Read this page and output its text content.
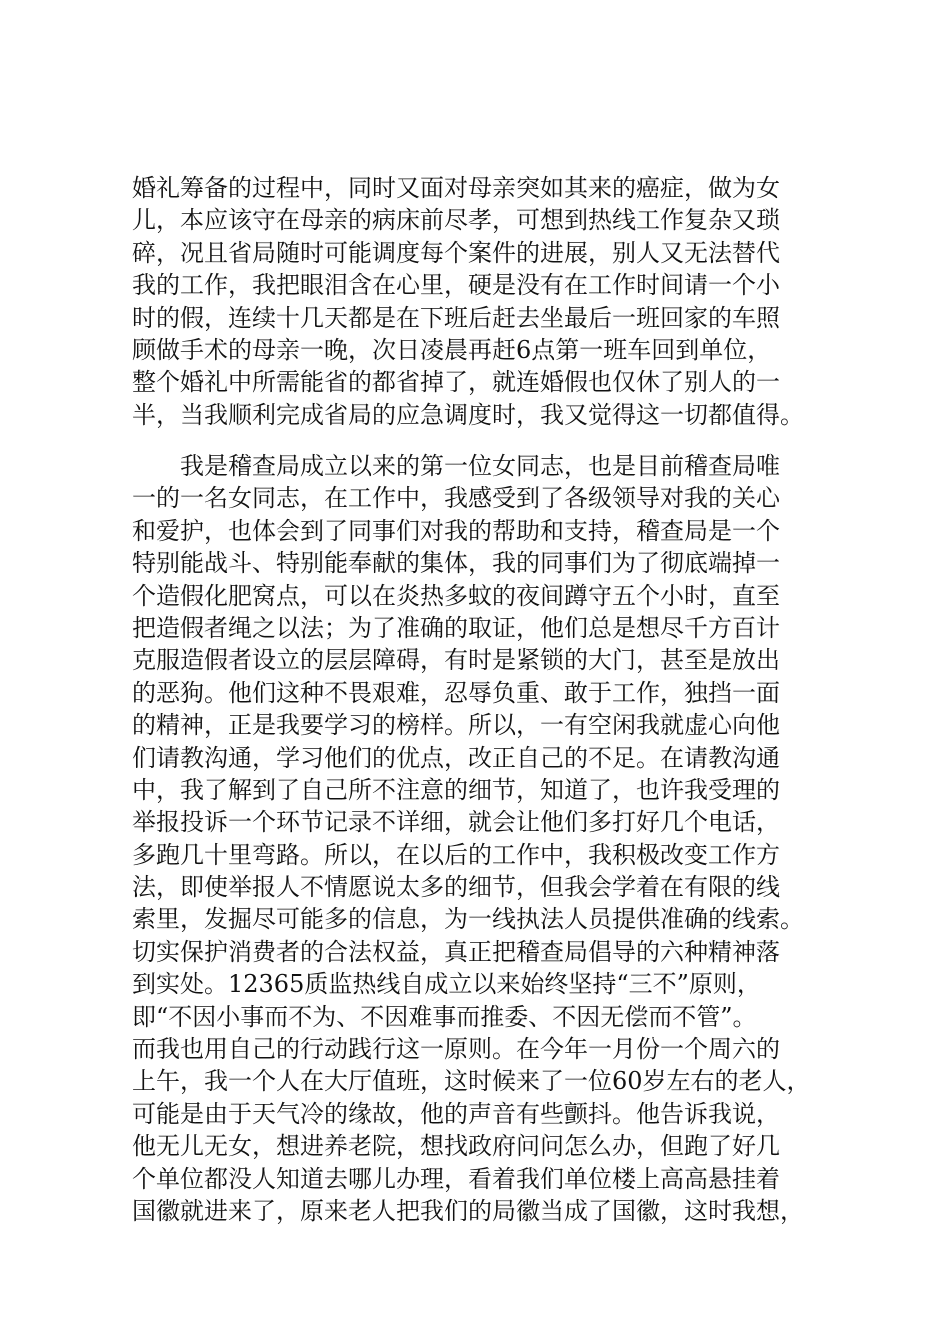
婚礼筹备的过程中，同时又面对母亲突如其来的癌症，做为女
儿，本应该守在母亲的病床前尽孝，可想到热线工作复杂又琐
碎，况且省局随时可能调度每个案件的进展，别人又无法替代
我的工作，我把眼泪含在心里，硬是没有在工作时间请一个小
时的假，连续十几天都是在下班后赶去坐最后一班回家的车照
顾做手术的母亲一晚，次日凌晨再赶6点第一班车回到单位，
整个婚礼中所需能省的都省掉了，就连婚假也仅休了别人的一
半，当我顺利完成省局的应急调度时，我又觉得这一切都值得。
　　我是稽查局成立以来的第一位女同志，也是目前稽查局唯
一的一名女同志，在工作中，我感受到了各级领导对我的关心
和爱护，也体会到了同事们对我的帮助和支持，稽查局是一个
特别能战斗、特别能奉献的集体，我的同事们为了彻底端掉一
个造假化肥窝点，可以在炎热多蚊的夜间蹲守五个小时，直至
把造假者绳之以法；为了准确的取证，他们总是想尽千方百计
克服造假者设立的层层障碍，有时是紧锁的大门，甚至是放出
的恶狗。他们这种不畏艰难，忍辱负重、敢于工作，独挡一面
的精神，正是我要学习的榜样。所以，一有空闲我就虚心向他
们请教沟通，学习他们的优点，改正自己的不足。在请教沟通
中，我了解到了自己所不注意的细节，知道了，也许我受理的
举报投诉一个环节记录不详细，就会让他们多打好几个电话，
多跑几十里弯路。所以，在以后的工作中，我积极改变工作方
法，即使举报人不情愿说太多的细节，但我会学着在有限的线
索里，发掘尽可能多的信息，为一线执法人员提供准确的线索。
切实保护消费者的合法权益，真正把稽查局倡导的六种精神落
到实处。12365质监热线自成立以来始终坚持“三不”原则，
即“不因小事而不为、不因难事而推委、不因无偿而不管”。
而我也用自己的行动践行这一原则。在今年一月份一个周六的
上午，我一个人在大厅值班，这时候来了一位60岁左右的老人，
可能是由于天气冷的缘故，他的声音有些颤抖。他告诉我说，
他无儿无女，想进养老院，想找政府问问怎么办，但跑了好几
个单位都没人知道去哪儿办理，看着我们单位楼上高高悬挂着
国徽就进来了，原来老人把我们的局徽当成了国徽，这时我想，
